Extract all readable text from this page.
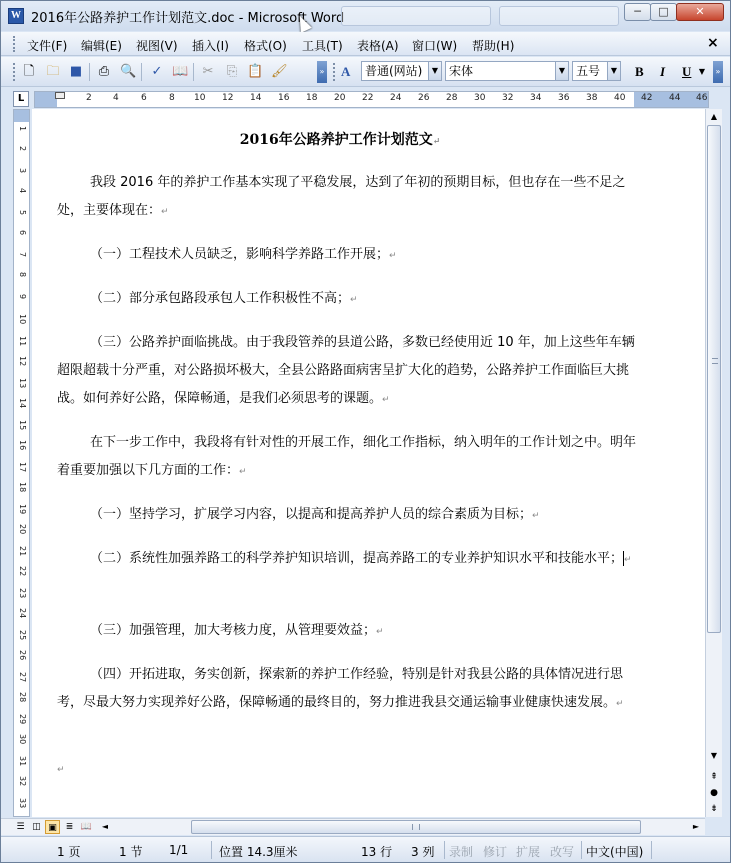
W 2016年公路养护工作计划范文.doc - Microsoft Word	─	□	✕
文件(F) 编辑(E) 视图(V) 插入(I) 格式(O) 工具(T) 表格(A) 窗口(W) 帮助(H)	×
🗋 🗀 ■ ⎙ 🔍 ✓ 📖 ✂ ⎘ 📋 🖌	» A	普通(网站)	▼ 宋体	▼ 五号	▼	B I U ▼	»
L	2 4 6 8 10 12 14 16 18 20 22 24 26 28 30 32 34 36 38 40 42 44 46
1
2
3
4
5
6
7
8
9
10
11
12
13
14
15
16
17
18
19
20
21
22
23
24
25
26
27
28
29
30
31
32
33
2016年公路养护工作计划范文↵
我段 2016 年的养护工作基本实现了平稳发展，达到了年初的预期目标，但也存在一些不足之处，主要体现在：↵
（一）工程技术人员缺乏，影响科学养路工作开展；↵
（二）部分承包路段承包人工作积极性不高；↵
（三）公路养护面临挑战。由于我段管养的县道公路，多数已经使用近 10 年，加上这些年车辆超限超载十分严重，对公路损坏极大，全县公路路面病害呈扩大化的趋势，公路养护工作面临巨大挑战。如何养好公路，保障畅通，是我们必须思考的课题。↵
在下一步工作中，我段将有针对性的开展工作，细化工作指标，纳入明年的工作计划之中。明年着重要加强以下几方面的工作：↵
（一）坚持学习，扩展学习内容，以提高和提高养护人员的综合素质为目标；↵
（二）系统性加强养路工的科学养护知识培训，提高养路工的专业养护知识水平和技能水平；↵
（三）加强管理，加大考核力度，从管理要效益；↵
（四）开拓进取，务实创新，探索新的养护工作经验，特别是针对我县公路的具体情况进行思考，尽最大努力实现养好公路，保障畅通的最终目的，努力推进我县交通运输事业健康快速发展。↵
↵
▲
▼
⇞
●
⇟
☰ ◫ ▣ ≣ 📖	◄	►
1 页	1 节 1/1	位置 14.3厘米	13 行 3 列 录制 修订 扩展 改写 中文(中国)
